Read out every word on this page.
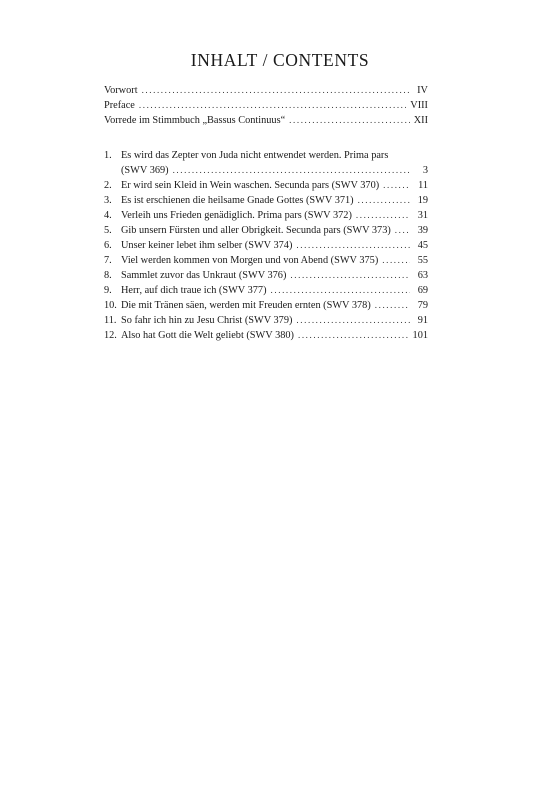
INHALT / CONTENTS
Vorwort .....	IV
Preface .....	VIII
Vorrede im Stimmbuch „Bassus Continuus“ .....	XII
1. Es wird das Zepter von Juda nicht entwendet werden. Prima pars
(SWV 369) .....	3
2. Er wird sein Kleid in Wein waschen. Secunda pars (SWV 370) .....	11
3. Es ist erschienen die heilsame Gnade Gottes (SWV 371) .....	19
4. Verleih uns Frieden genädiglich. Prima pars (SWV 372) .....	31
5. Gib unsern Fürsten und aller Obrigkeit. Secunda pars (SWV 373) .....	39
6. Unser keiner lebet ihm selber (SWV 374) .....	45
7. Viel werden kommen von Morgen und von Abend (SWV 375) .....	55
8. Sammlet zuvor das Unkraut (SWV 376) .....	63
9. Herr, auf dich traue ich (SWV 377) .....	69
10. Die mit Tränen säen, werden mit Freuden ernten (SWV 378) .....	79
11. So fahr ich hin zu Jesu Christ (SWV 379) .....	91
12. Also hat Gott die Welt geliebt (SWV 380) .....	101
